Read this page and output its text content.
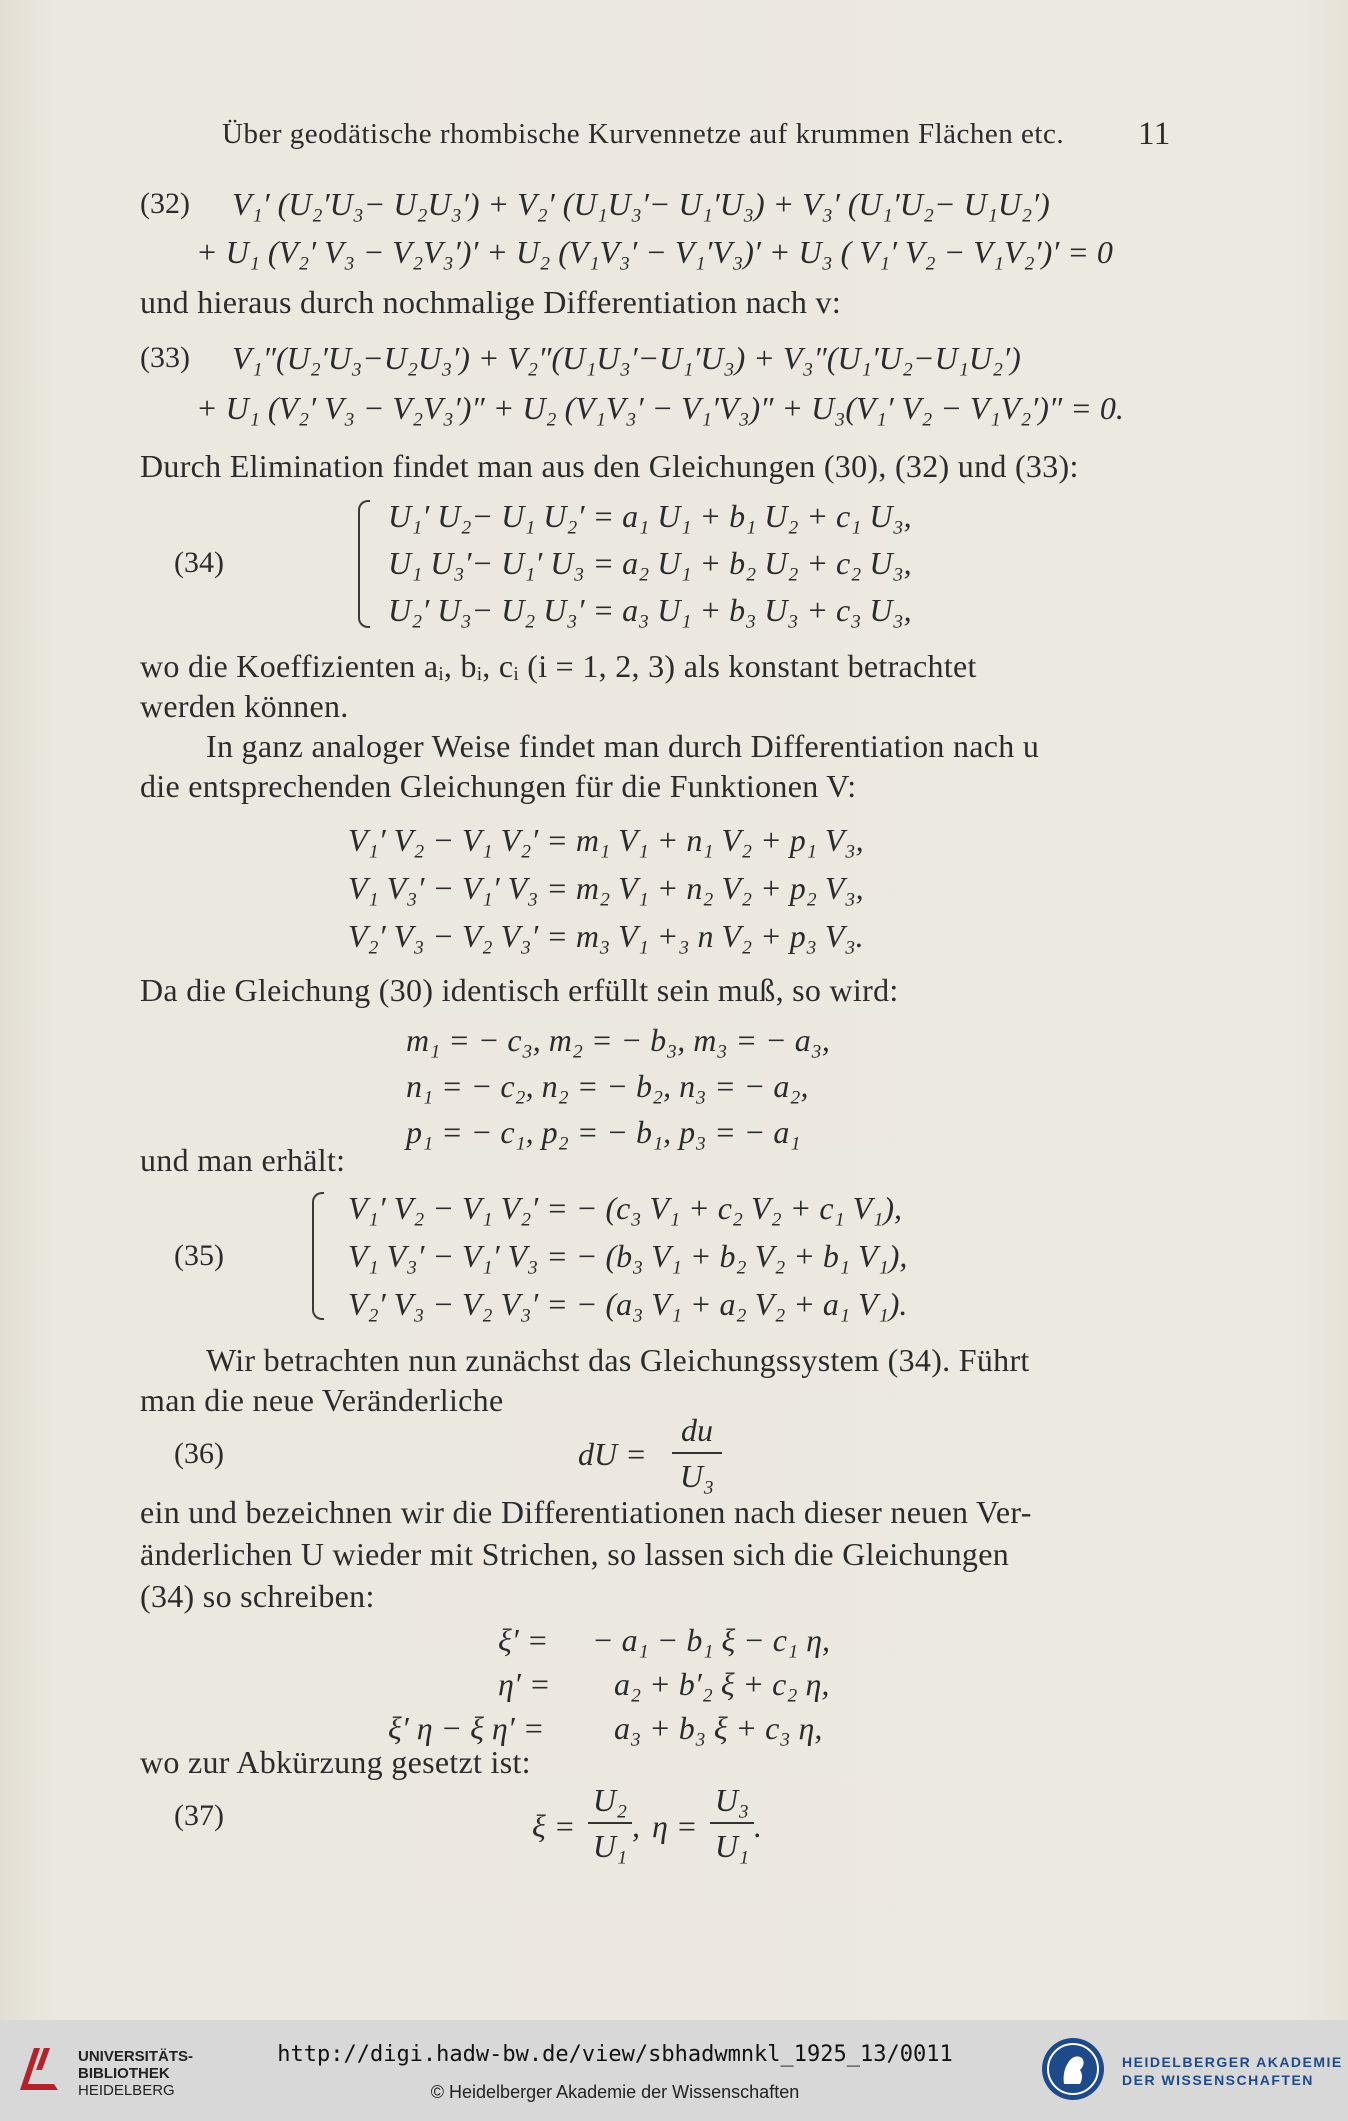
Über geodätische rhombische Kurvennetze auf krummen Flächen etc. 11
(32) V₁′ (U₂′U₃− U₂U₃′) + V₂′ (U₁U₃′− U₁′U₃) + V₃′ (U₁′U₂− U₁U₂′)
+ U₁ (V₂′ V₃ − V₂V₃′)′ + U₂ (V₁V₃′ − V₁′V₃)′ + U₃ ( V₁′ V₂ − V₁V₂′)′ = 0
und hieraus durch nochmalige Differentiation nach v:
(33) V₁″(U₂′U₃−U₂U₃′) + V₂″(U₁U₃′−U₁′U₃) + V₃″(U₁′U₂−U₁U₂′)
+ U₁ (V₂′ V₃ − V₂V₃′)″ + U₂ (V₁V₃′ − V₁′V₃)″ + U₃(V₁′ V₂ − V₁V₂′)″ = 0.
Durch Elimination findet man aus den Gleichungen (30), (32) und (33):
(34)
U₁′ U₂− U₁ U₂′ = a₁ U₁ + b₁ U₂ + c₁ U₃,
U₁ U₃′− U₁′ U₃ = a₂ U₁ + b₂ U₂ + c₂ U₃,
U₂′ U₃− U₂ U₃′ = a₃ U₁ + b₃ U₃ + c₃ U₃,
wo die Koeffizienten aᵢ, bᵢ, cᵢ (i = 1, 2, 3) als konstant betrachtet
werden können.
In ganz analoger Weise findet man durch Differentiation nach u
die entsprechenden Gleichungen für die Funktionen V:
V₁′ V₂ − V₁ V₂′ = m₁ V₁ + n₁ V₂ + p₁ V₃,
V₁ V₃′ − V₁′ V₃ = m₂ V₁ + n₂ V₂ + p₂ V₃,
V₂′ V₃ − V₂ V₃′ = m₃ V₁ +₃ n V₂ + p₃ V₃.
Da die Gleichung (30) identisch erfüllt sein muß, so wird:
m₁ = − c₃, m₂ = − b₃, m₃ = − a₃,
n₁ = − c₂, n₂ = − b₂, n₃ = − a₂,
p₁ = − c₁, p₂ = − b₁, p₃ = − a₁
und man erhält:
(35)
V₁′ V₂ − V₁ V₂′ = − (c₃ V₁ + c₂ V₂ + c₁ V₁),
V₁ V₃′ − V₁′ V₃ = − (b₃ V₁ + b₂ V₂ + b₁ V₁),
V₂′ V₃ − V₂ V₃′ = − (a₃ V₁ + a₂ V₂ + a₁ V₁).
Wir betrachten nun zunächst das Gleichungssystem (34). Führt
man die neue Veränderliche
(36)	dU =
du
U₃
ein und bezeichnen wir die Differentiationen nach dieser neuen Ver-
änderlichen U wieder mit Strichen, so lassen sich die Gleichungen
(34) so schreiben:
ξ′ = − a₁ − b₁ ξ − c₁ η,
η′ = a₂ + b′₂ ξ + c₂ η,
ξ′ η − ξ η′ = a₃ + b₃ ξ + c₃ η,
wo zur Abkürzung gesetzt ist:
(37)	ξ =
U₂
U₁
, η =
U₃
U₁
.
UNIVERSITÄTS-
BIBLIOTHEK
HEIDELBERG
http://digi.hadw-bw.de/view/sbhadwmnkl_1925_13/0011
© Heidelberger Akademie der Wissenschaften
HEIDELBERGER AKADEMIE
DER WISSENSCHAFTEN
